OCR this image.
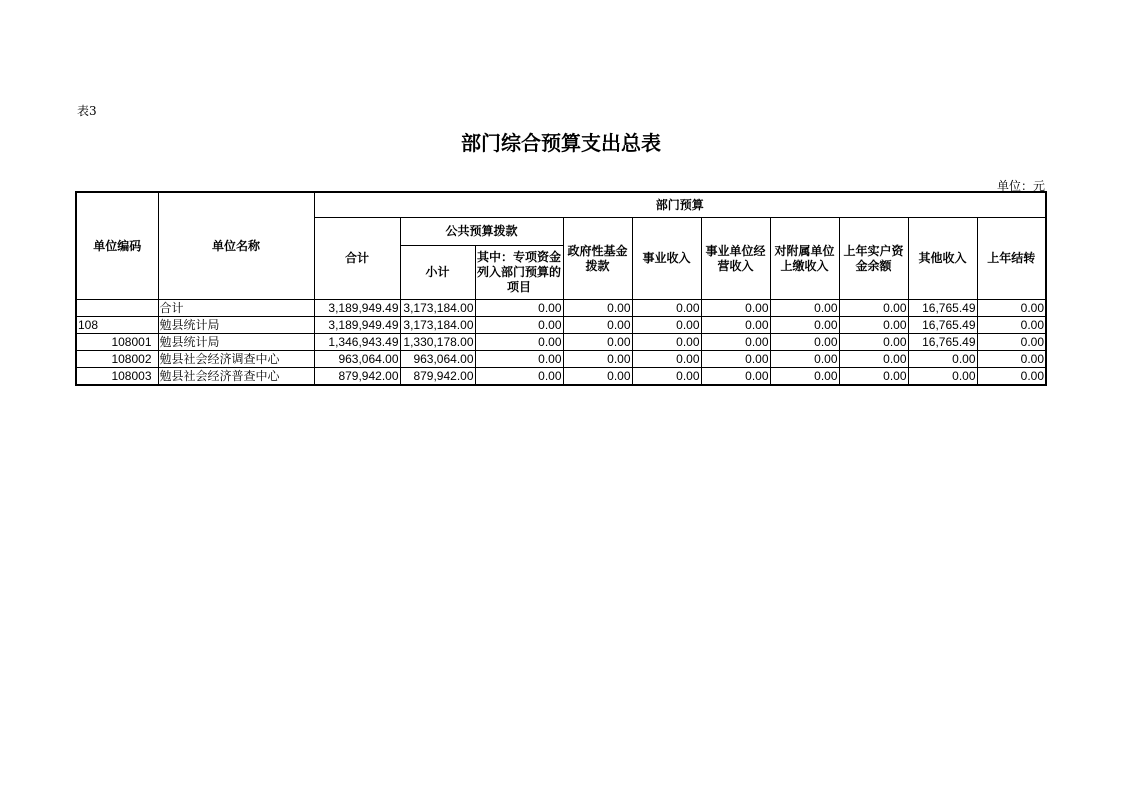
表3
部门综合预算支出总表
单位：元
单位编码	单位名称	部门预算									
		合计	公共预算拨款		政府性基金拨款	事业收入	事业单位经营收入	对附属单位上缴收入	上年实户资金余额	其他收入	上年结转
			小计	其中：专项资金列入部门预算的项目							
	合计	3,189,949.49	3,173,184.00	0.00	0.00	0.00	0.00	0.00	0.00	16,765.49	0.00
108	勉县统计局	3,189,949.49	3,173,184.00	0.00	0.00	0.00	0.00	0.00	0.00	16,765.49	0.00
108001	勉县统计局	1,346,943.49	1,330,178.00	0.00	0.00	0.00	0.00	0.00	0.00	16,765.49	0.00
108002	勉县社会经济调查中心	963,064.00	963,064.00	0.00	0.00	0.00	0.00	0.00	0.00	0.00	0.00
108003	勉县社会经济普查中心	879,942.00	879,942.00	0.00	0.00	0.00	0.00	0.00	0.00	0.00	0.00
